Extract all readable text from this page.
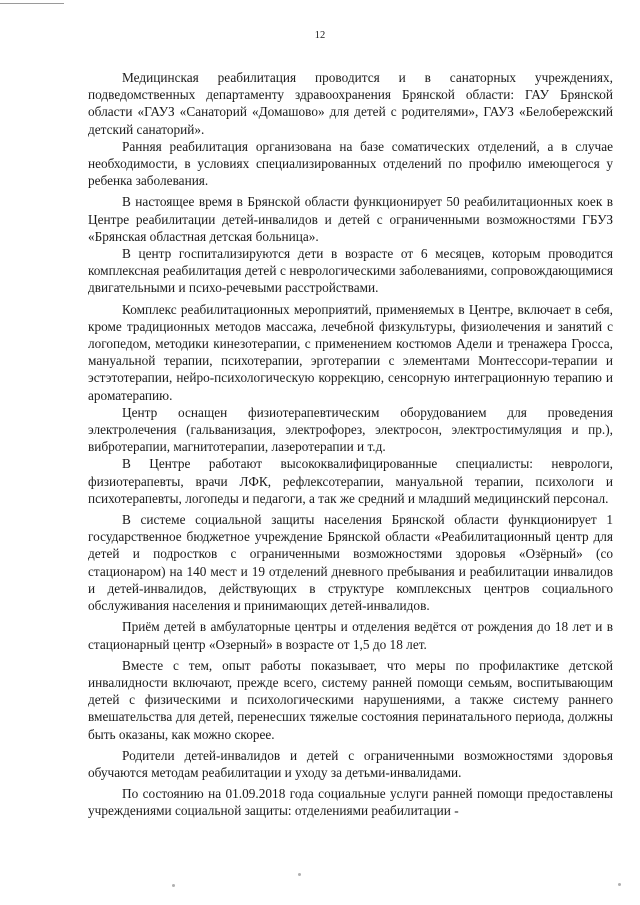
12

Медицинская реабилитация проводится и в санаторных учреждениях, подведомственных департаменту здравоохранения Брянской области: ГАУ Брянской области «ГАУЗ «Санаторий «Домашово» для детей с родителями», ГАУЗ «Белобережский детский санаторий».

Ранняя реабилитация организована на базе соматических отделений, а в случае необходимости, в условиях специализированных отделений по профилю имеющегося у ребенка заболевания.

В настоящее время в Брянской области функционирует 50 реабилитационных коек в Центре реабилитации детей-инвалидов и детей с ограниченными возможностями ГБУЗ «Брянская областная детская больница».

В центр госпитализируются дети в возрасте от 6 месяцев, которым проводится комплексная реабилитация детей с неврологическими заболеваниями, сопровождающимися двигательными и психо-речевыми расстройствами.

Комплекс реабилитационных мероприятий, применяемых в Центре, включает в себя, кроме традиционных методов массажа, лечебной физкультуры, физиолечения и занятий с логопедом, методики кинезотерапии, с применением костюмов Адели и тренажера Гросса, мануальной терапии, психотерапии, эрготерапии с элементами Монтессори-терапии и эстэтотерапии, нейро-психологическую коррекцию, сенсорную интеграционную терапию и ароматерапию.

Центр оснащен физиотерапевтическим оборудованием для проведения электролечения (гальванизация, электрофорез, электросон, электростимуляция и пр.), вибротерапии, магнитотерапии, лазеротерапии и т.д.

В Центре работают высококвалифицированные специалисты: неврологи, физиотерапевты, врачи ЛФК, рефлексотерапии, мануальной терапии, психологи и психотерапевты, логопеды и педагоги, а так же средний и младший медицинский персонал.

В системе социальной защиты населения Брянской области функционирует 1 государственное бюджетное учреждение Брянской области «Реабилитационный центр для детей и подростков с ограниченными возможностями здоровья «Озёрный» (со стационаром) на 140 мест и 19 отделений дневного пребывания и реабилитации инвалидов и детей-инвалидов, действующих в структуре комплексных центров социального обслуживания населения и принимающих детей-инвалидов.

Приём детей в амбулаторные центры и отделения ведётся от рождения до 18 лет и в стационарный центр «Озерный» в возрасте от 1,5 до 18 лет.

Вместе с тем, опыт работы показывает, что меры по профилактике детской инвалидности включают, прежде всего, систему ранней помощи семьям, воспитывающим детей с физическими и психологическими нарушениями, а также систему раннего вмешательства для детей, перенесших тяжелые состояния перинатального периода, должны быть оказаны, как можно скорее.

Родители детей-инвалидов и детей с ограниченными возможностями здоровья обучаются методам реабилитации и уходу за детьми-инвалидами.

По состоянию на 01.09.2018 года социальные услуги ранней помощи предоставлены учреждениями социальной защиты: отделениями реабилитации -
